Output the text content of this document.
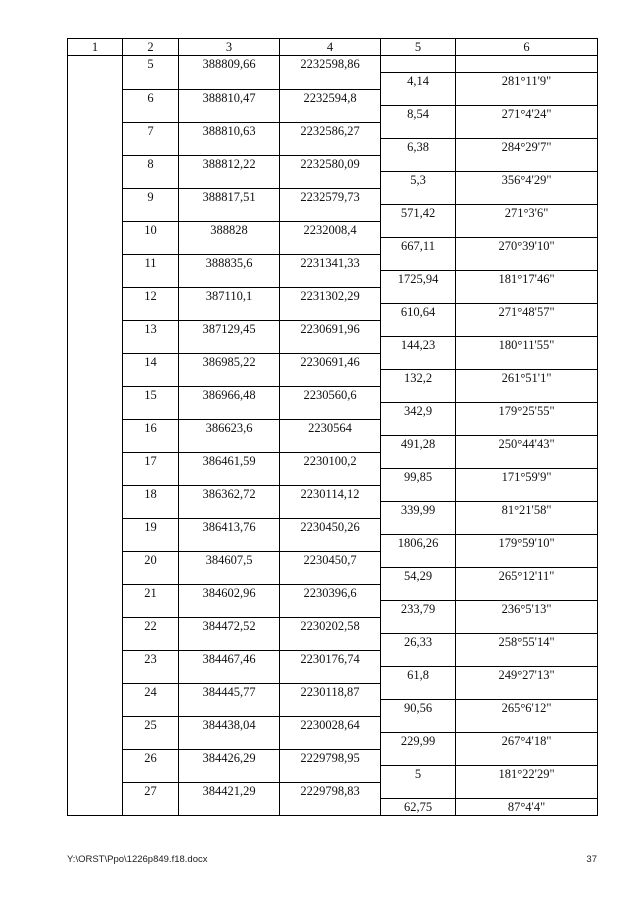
1	2	3	4	5	6
	5	388809,66	2232598,86		
				4,14	281°11'9"
	6	388810,47	2232594,8		
				8,54	271°4'24"
	7	388810,63	2232586,27		
				6,38	284°29'7"
	8	388812,22	2232580,09		
				5,3	356°4'29"
	9	388817,51	2232579,73		
				571,42	271°3'6"
	10	388828	2232008,4		
				667,11	270°39'10"
	11	388835,6	2231341,33		
				1725,94	181°17'46"
	12	387110,1	2231302,29		
				610,64	271°48'57"
	13	387129,45	2230691,96		
				144,23	180°11'55"
	14	386985,22	2230691,46		
				132,2	261°51'1"
	15	386966,48	2230560,6		
				342,9	179°25'55"
	16	386623,6	2230564		
				491,28	250°44'43"
	17	386461,59	2230100,2		
				99,85	171°59'9"
	18	386362,72	2230114,12		
				339,99	81°21'58"
	19	386413,76	2230450,26		
				1806,26	179°59'10"
	20	384607,5	2230450,7		
				54,29	265°12'11"
	21	384602,96	2230396,6		
				233,79	236°5'13"
	22	384472,52	2230202,58		
				26,33	258°55'14"
	23	384467,46	2230176,74		
				61,8	249°27'13"
	24	384445,77	2230118,87		
				90,56	265°6'12"
	25	384438,04	2230028,64		
				229,99	267°4'18"
	26	384426,29	2229798,95		
				5	181°22'29"
	27	384421,29	2229798,83		
				62,75	87°4'4"
Y:\ORST\Ppo\1226p849.f18.docx	37
